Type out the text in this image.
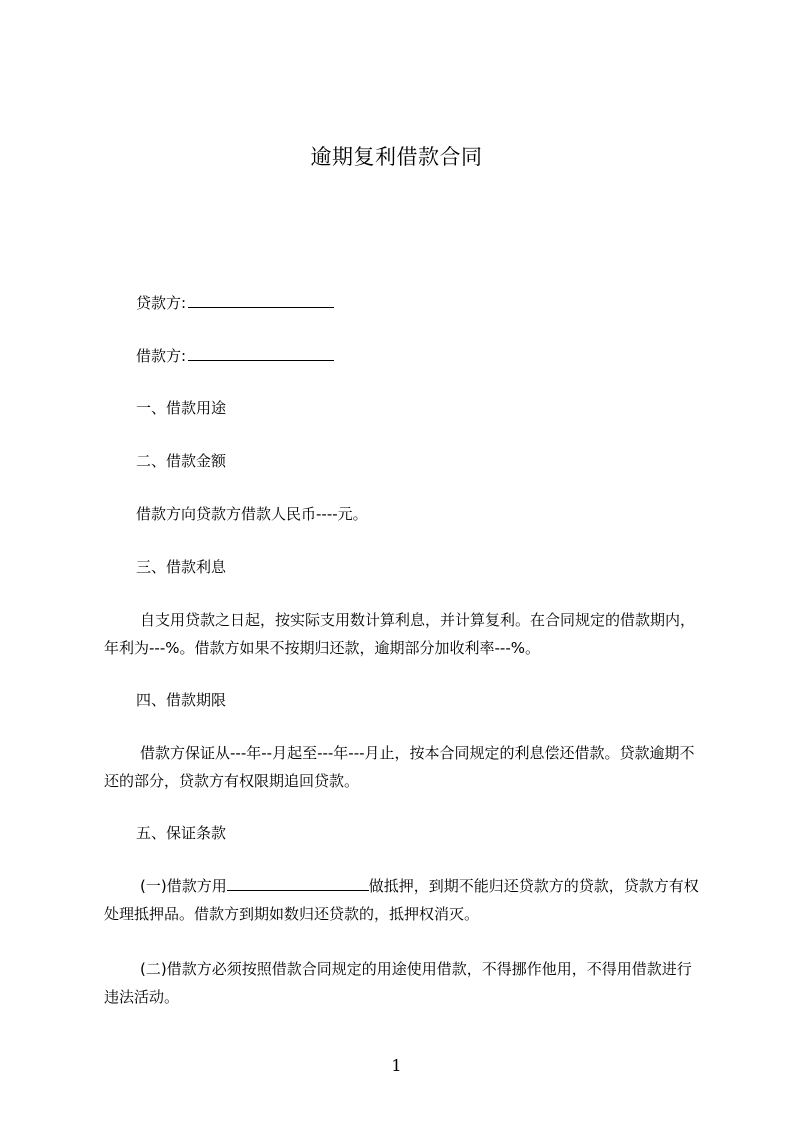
逾期复利借款合同
贷款方:
借款方:
一、借款用途
二、借款金额
借款方向贷款方借款人民币----元。
三、借款利息
自支用贷款之日起，按实际支用数计算利息，并计算复利。在合同规定的借款期内，年利为---%。借款方如果不按期归还款，逾期部分加收利率---%。
四、借款期限
借款方保证从---年--月起至---年---月止，按本合同规定的利息偿还借款。贷款逾期不还的部分，贷款方有权限期追回贷款。
五、保证条款
(一)借款方用	做抵押，到期不能归还贷款方的贷款，贷款方有权处理抵押品。借款方到期如数归还贷款的，抵押权消灭。
(二)借款方必须按照借款合同规定的用途使用借款，不得挪作他用，不得用借款进行违法活动。
1
